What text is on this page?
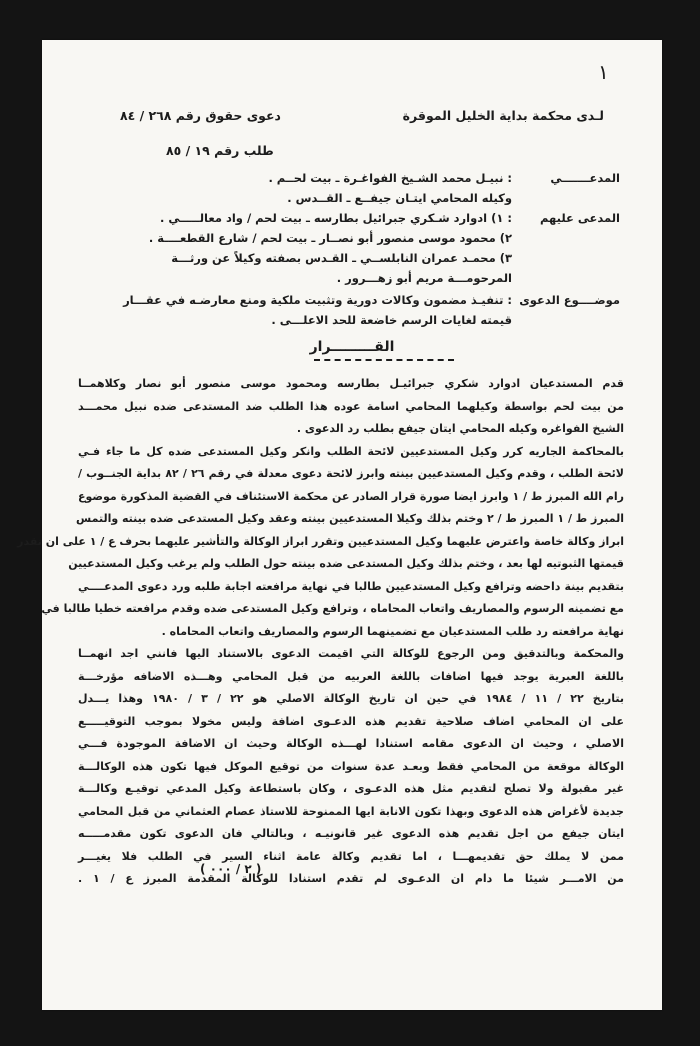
١
لـدى محكمة بداية الخليل الموقرة
دعوى حقوق رقم ٢٦٨ / ٨٤
طلب رقم ١٩ / ٨٥
المدعـــــــي
: نبيـل محمد الشـيخ الفواغـرة ـ بيت لحــم .
وكيله المحامي ايتـان جيفــع ـ القــدس .
المدعى عليهم
: ١) ادوارد شـكري جبرائيل بطارسه ـ بيت لحم / واد معالـــــي .
٢) محمود موسى منصور أبو نصــار ـ بيت لحم / شارع القطعــــة .
٣) محمـد عمران النابلســي ـ القـدس بصفته وكيلاً عن ورثـــة
المرحومـــة مريم أبو زهـــرور .
موضــــوع الدعوى
: تنفيـذ مضمون وكالات دورية وتثبيت ملكية ومنع معارضـه في عقـــار
قيمته لغايات الرسم خاضعة للحد الاعلـــى .
القـــــــــرار
قدم المستدعيان ادوارد شكري جبرائيـل بطارسه ومحمود موسى منصور أبو نصار وكلاهمــا
من بيت لحم بواسطة وكيلهما المحامي اسامة عوده هذا الطلب ضد المستدعى ضده نبيل محمـــد
الشيخ الفواغره وكيله المحامي ايتان جيفع بطلب رد الدعوى .
بالمحاكمة الجاريه كرر وكيل المستدعيين لائحة الطلب وانكر وكيل المستدعى ضده كل ما جاء فـي
لائحة الطلب ، وقدم وكيل المستدعيين بينته وابرز لائحة دعوى معدلة في رقم ٢٦ / ٨٢ بداية الجنــوب /
رام الله المبرز ط / ١ وابرز ايضا صورة قرار الصادر عن محكمة الاستئناف في القضية المذكورة موضوع
المبرز ط / ١ المبرز ط / ٢ وختم بذلك وكيلا المستدعيين بينته وعقد وكيل المستدعى ضده بينته والتمس
ابراز وكالة خاصة واعترض عليهما وكيل المستدعيين وتقرر ابراز الوكالة والتأشير عليهما بحرف ع / ١ على ان تقدر
قيمتها الثبوتيه لها بعد ، وختم بذلك وكيل المستدعى ضده بينته حول الطلب ولم يرغب وكيل المستدعيين
بتقديم بينة داحضه وترافع وكيل المستدعيين طالبا في نهاية مرافعته اجابة طلبه ورد دعوى المدعــــي
مع تضمينه الرسوم والمصاريف واتعاب المحاماه ، وترافع وكيل المستدعى ضده وقدم مرافعته خطيا طالبا في
نهاية مرافعته رد طلب المستدعيان مع تضمينهما الرسوم والمصاريف واتعاب المحاماه .
والمحكمة وبالتدقيق ومن الرجوع للوكالة التي اقيمت الدعوى بالاستناد اليها فانني اجد انهمــا
باللغة العبرية يوجد فيها اضافات باللغة العربيه من قبل المحامي وهـــذه الاضافه مؤرخـــة
بتاريخ ٢٢ / ١١ / ١٩٨٤ في حين ان تاريخ الوكالة الاصلي هو ٢٢ / ٣ / ١٩٨٠ وهذا يـــدل
على ان المحامي اضاف صلاحية تقديم هذه الدعـوى اضافة وليس مخولا بموجب التوقيـــــع
الاصلي ، وحيث ان الدعوى مقامه استنادا لهـــذه الوكالة وحيث ان الاضافة الموجودة فـــي
الوكالة موقعة من المحامي فقط وبعـد عدة سنوات من توقيع الموكل فيها تكون هذه الوكالـــة
غير مقبولة ولا تصلح لتقديم مثل هذه الدعـوى ، وكان باستطاعة وكيل المدعي توقيـع وكالـــة
جديدة لأغراض هذه الدعوى وبهذا تكون الانابة ايها الممنوحة للاستاذ عصام العثماني من قبل المحامي
ايتان جيفع من اجل تقديم هذه الدعوى غير قانونيـه ، وبالتالي فان الدعوى تكون مقدمـــــه
ممن لا يملك حق تقديمهـــا ، اما تقديم وكالة عامة اثناء السير في الطلب فلا يغيـــر
من الامـــر شيئا ما دام ان الدعـوى لم تقدم استنادا للوكالة المقدمة المبرز ع / ١ .
( ٢ / ٠٠٠ )
